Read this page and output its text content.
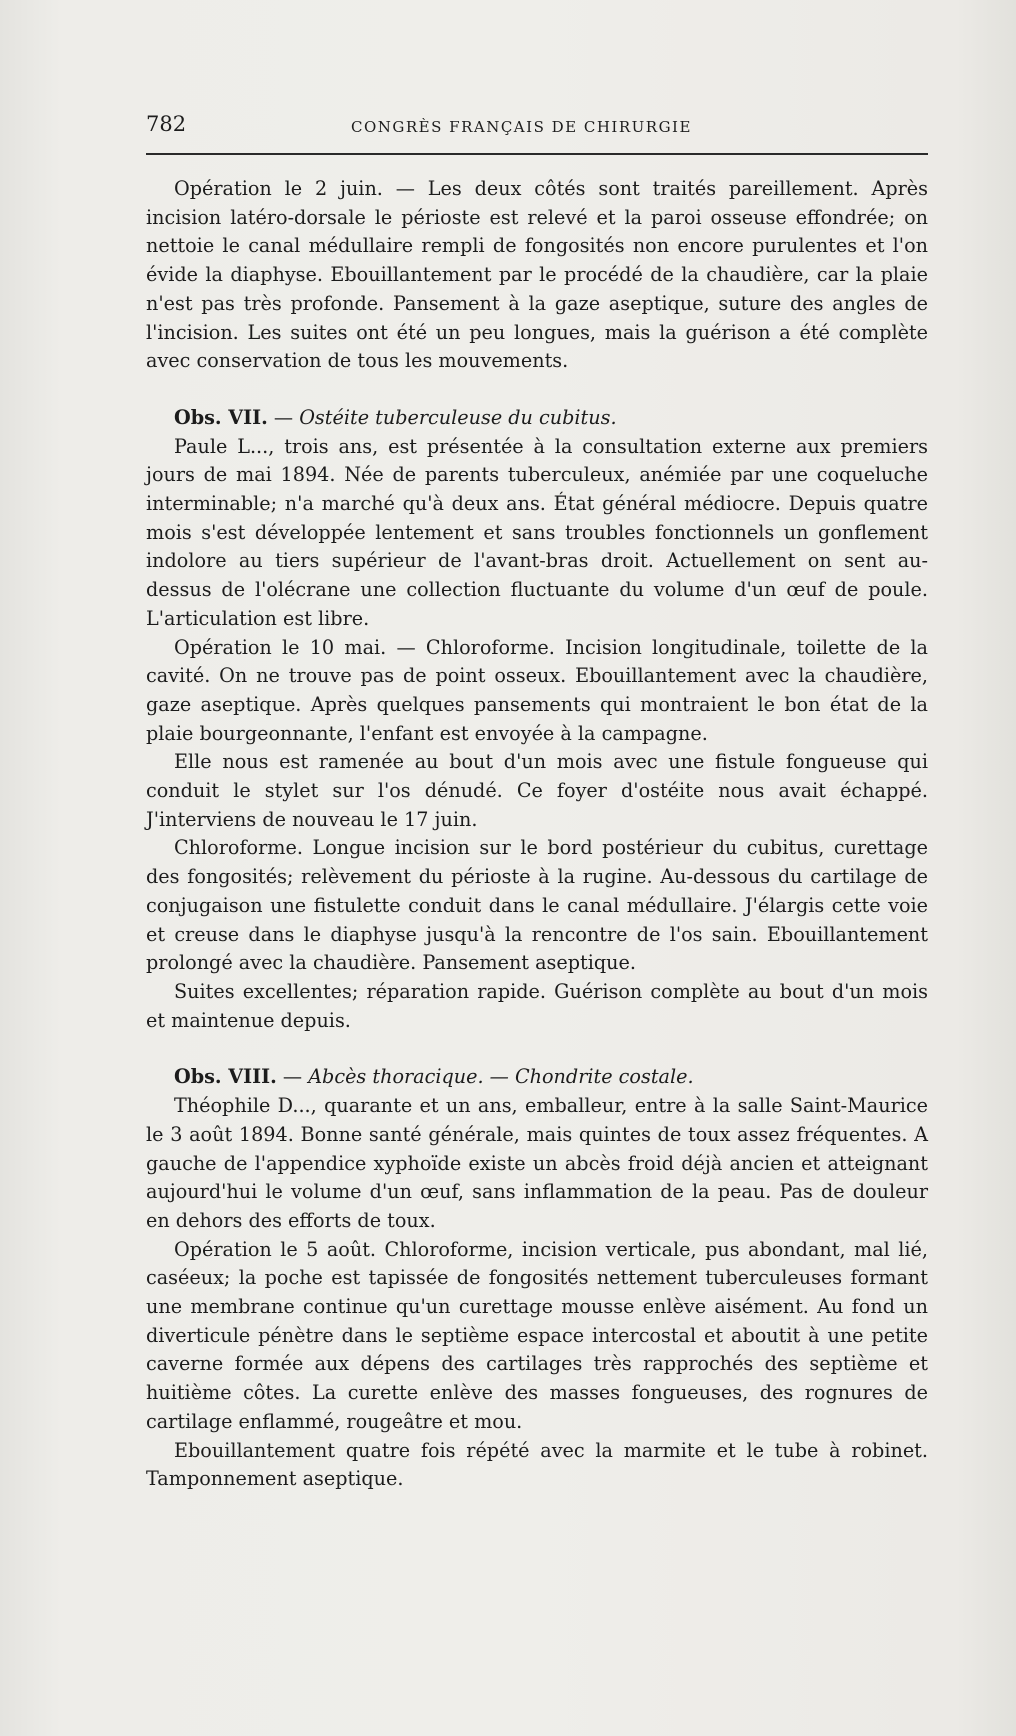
782	CONGRÈS FRANÇAIS DE CHIRURGIE

Opération le 2 juin. — Les deux côtés sont traités pareillement. Après incision latéro-dorsale le périoste est relevé et la paroi osseuse effondrée; on nettoie le canal médullaire rempli de fongosités non encore purulentes et l'on évide la diaphyse. Ebouillantement par le procédé de la chaudière, car la plaie n'est pas très profonde. Pansement à la gaze aseptique, suture des angles de l'incision. Les suites ont été un peu longues, mais la guérison a été complète avec conservation de tous les mouvements.

Obs. VII. — Ostéite tuberculeuse du cubitus.

Paule L..., trois ans, est présentée à la consultation externe aux premiers jours de mai 1894. Née de parents tuberculeux, anémiée par une coqueluche interminable; n'a marché qu'à deux ans. État général médiocre. Depuis quatre mois s'est développée lentement et sans troubles fonctionnels un gonflement indolore au tiers supérieur de l'avant-bras droit. Actuellement on sent au-dessus de l'olécrane une collection fluctuante du volume d'un œuf de poule. L'articulation est libre.

Opération le 10 mai. — Chloroforme. Incision longitudinale, toilette de la cavité. On ne trouve pas de point osseux. Ebouillantement avec la chaudière, gaze aseptique. Après quelques pansements qui montraient le bon état de la plaie bourgeonnante, l'enfant est envoyée à la campagne.

Elle nous est ramenée au bout d'un mois avec une fistule fongueuse qui conduit le stylet sur l'os dénudé. Ce foyer d'ostéite nous avait échappé. J'interviens de nouveau le 17 juin.

Chloroforme. Longue incision sur le bord postérieur du cubitus, curettage des fongosités; relèvement du périoste à la rugine. Au-dessous du cartilage de conjugaison une fistulette conduit dans le canal médullaire. J'élargis cette voie et creuse dans le diaphyse jusqu'à la rencontre de l'os sain. Ebouillantement prolongé avec la chaudière. Pansement aseptique.

Suites excellentes; réparation rapide. Guérison complète au bout d'un mois et maintenue depuis.

Obs. VIII. — Abcès thoracique. — Chondrite costale.

Théophile D..., quarante et un ans, emballeur, entre à la salle Saint-Maurice le 3 août 1894. Bonne santé générale, mais quintes de toux assez fréquentes. A gauche de l'appendice xyphoïde existe un abcès froid déjà ancien et atteignant aujourd'hui le volume d'un œuf, sans inflammation de la peau. Pas de douleur en dehors des efforts de toux.

Opération le 5 août. Chloroforme, incision verticale, pus abondant, mal lié, caséeux; la poche est tapissée de fongosités nettement tuberculeuses formant une membrane continue qu'un curettage mousse enlève aisément. Au fond un diverticule pénètre dans le septième espace intercostal et aboutit à une petite caverne formée aux dépens des cartilages très rapprochés des septième et huitième côtes. La curette enlève des masses fongueuses, des rognures de cartilage enflammé, rougeâtre et mou.

Ebouillantement quatre fois répété avec la marmite et le tube à robinet. Tamponnement aseptique.
